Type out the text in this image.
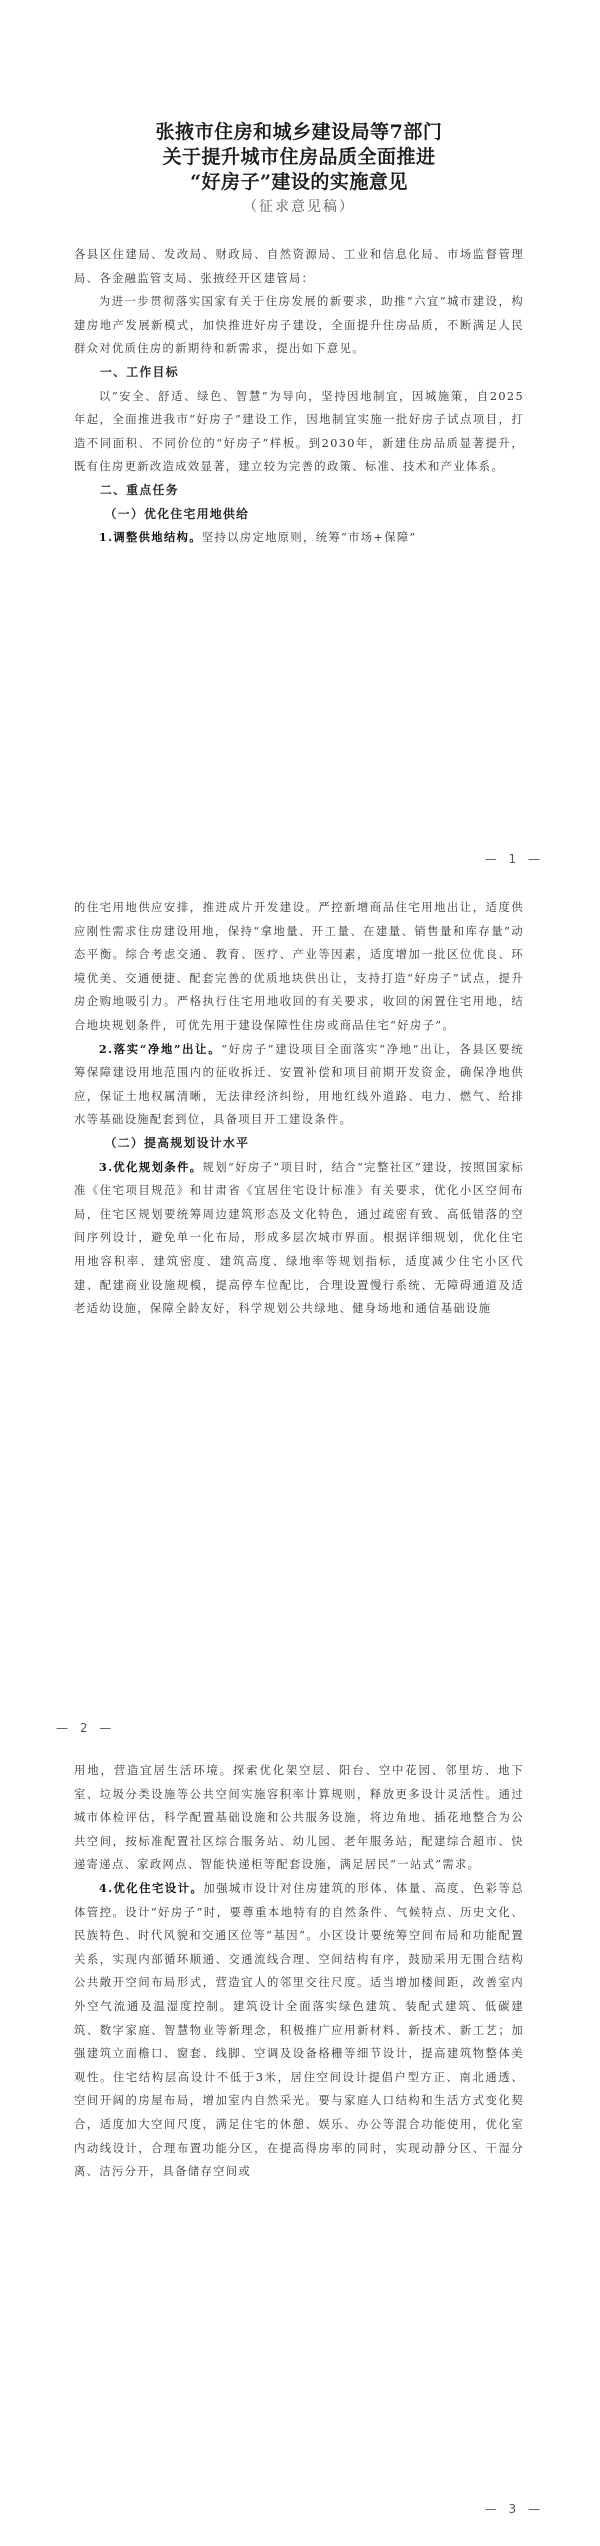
张掖市住房和城乡建设局等7部门
关于提升城市住房品质全面推进
“好房子”建设的实施意见
（征求意见稿）

各县区住建局、发改局、财政局、自然资源局、工业和信息化局、市场监督管理局、各金融监管支局、张掖经开区建管局：

为进一步贯彻落实国家有关于住房发展的新要求，助推“六宜”城市建设，构建房地产发展新模式，加快推进好房子建设，全面提升住房品质，不断满足人民群众对优质住房的新期待和新需求，提出如下意见。

一、工作目标

以“安全、舒适、绿色、智慧”为导向，坚持因地制宜，因城施策，自2025年起，全面推进我市“好房子”建设工作，因地制宜实施一批好房子试点项目，打造不同面积、不同价位的“好房子”样板。到2030年，新建住房品质显著提升，既有住房更新改造成效显著，建立较为完善的政策、标准、技术和产业体系。

二、重点任务

（一）优化住宅用地供给

1.调整供地结构。坚持以房定地原则，统筹“市场+保障”

— 1 —

的住宅用地供应安排，推进成片开发建设。严控新增商品住宅用地出让，适度供应刚性需求住房建设用地，保持“拿地量、开工量、在建量、销售量和库存量”动态平衡。综合考虑交通、教育、医疗、产业等因素，适度增加一批区位优良、环境优美、交通便捷、配套完善的优质地块供出让，支持打造“好房子”试点，提升房企购地吸引力。严格执行住宅用地收回的有关要求，收回的闲置住宅用地，结合地块规划条件，可优先用于建设保障性住房或商品住宅“好房子”。

2.落实“净地”出让。“好房子”建设项目全面落实“净地”出让，各县区要统筹保障建设用地范围内的征收拆迁、安置补偿和项目前期开发资金，确保净地供应，保证土地权属清晰，无法律经济纠纷，用地红线外道路、电力、燃气、给排水等基础设施配套到位，具备项目开工建设条件。

（二）提高规划设计水平

3.优化规划条件。规划“好房子”项目时，结合“完整社区”建设，按照国家标准《住宅项目规范》和甘肃省《宜居住宅设计标准》有关要求，优化小区空间布局，住宅区规划要统筹周边建筑形态及文化特色，通过疏密有致、高低错落的空间序列设计，避免单一化布局，形成多层次城市界面。根据详细规划，优化住宅用地容积率、建筑密度、建筑高度、绿地率等规划指标，适度减少住宅小区代建、配建商业设施规模，提高停车位配比，合理设置慢行系统、无障碍通道及适老适幼设施，保障全龄友好，科学规划公共绿地、健身场地和通信基础设施

— 2 —

用地，营造宜居生活环境。探索优化架空层、阳台、空中花园、邻里坊、地下室、垃圾分类设施等公共空间实施容积率计算规则，释放更多设计灵活性。通过城市体检评估，科学配置基础设施和公共服务设施，将边角地、插花地整合为公共空间，按标准配置社区综合服务站、幼儿园、老年服务站，配建综合超市、快递寄递点、家政网点、智能快递柜等配套设施，满足居民“一站式”需求。

4.优化住宅设计。加强城市设计对住房建筑的形体、体量、高度、色彩等总体管控。设计“好房子”时，要尊重本地特有的自然条件、气候特点、历史文化、民族特色、时代风貌和交通区位等“基因”。小区设计要统筹空间布局和功能配置关系，实现内部循环顺通、交通流线合理、空间结构有序，鼓励采用无围合结构公共敞开空间布局形式，营造宜人的邻里交往尺度。适当增加楼间距，改善室内外空气流通及温湿度控制。建筑设计全面落实绿色建筑、装配式建筑、低碳建筑、数字家庭、智慧物业等新理念，积极推广应用新材料、新技术、新工艺；加强建筑立面檐口、窗套、线脚、空调及设备格栅等细节设计，提高建筑物整体美观性。住宅结构层高设计不低于3米，居住空间设计提倡户型方正、南北通透、空间开阔的房屋布局，增加室内自然采光。要与家庭人口结构和生活方式变化契合，适度加大空间尺度，满足住宅的休憩、娱乐、办公等混合功能使用，优化室内动线设计，合理布置功能分区，在提高得房率的同时，实现动静分区、干湿分离、洁污分开，具备储存空间或

— 3 —
